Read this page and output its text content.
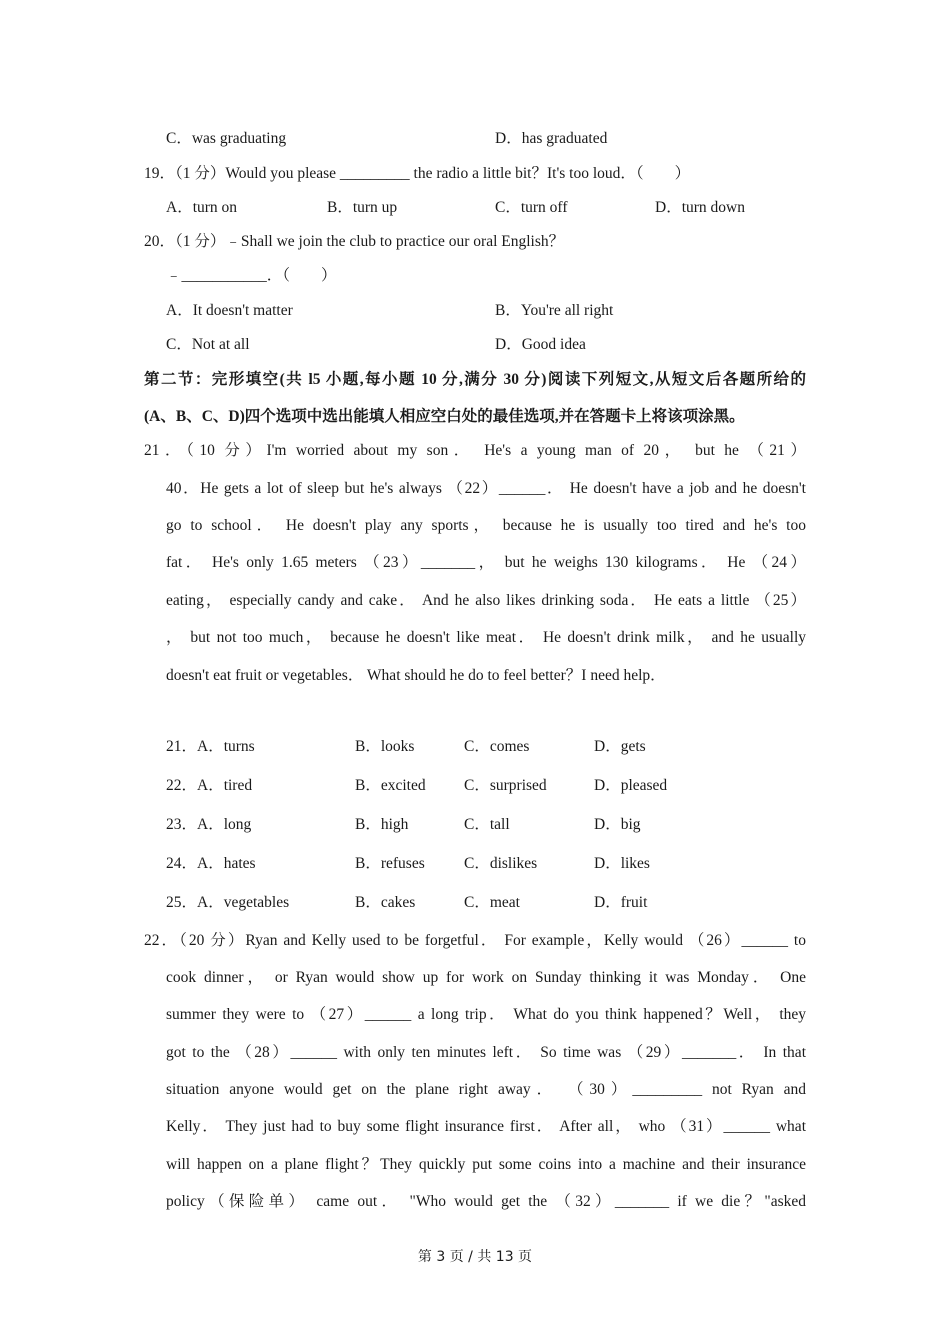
C．was graduating	D．has graduated
19．（1 分）Would you please _________ the radio a little bit？It's too loud．（　　）
A．turn on	B．turn up	C．turn off	D．turn down
20．（1 分）﹣Shall we join the club to practice our oral English？
﹣___________．（　　）
A．It doesn't matter	B．You're all right
C．Not at all	D．Good idea
第二节：完形填空(共 l5 小题,每小题 10 分,满分 30 分)阅读下列短文,从短文后各题所给的
(A、B、C、D)四个选项中选出能填人相应空白处的最佳选项,并在答题卡上将该项涂黑。
21．（10 分）I'm worried about my son． He's a young man of 20， but he （21）
40．He gets a lot of sleep but he's always （22）______． He doesn't have a job and he doesn't
go to school． He doesn't play any sports， because he is usually too tired and he's too
fat． He's only 1.65 meters （23）_______， but he weighs 130 kilograms． He （24）
eating， especially candy and cake． And he also likes drinking soda． He eats a little （25）
， but not too much， because he doesn't like meat． He doesn't drink milk， and he usually
doesn't eat fruit or vegetables． What should he do to feel better？I need help．
21．A．turns	B．looks	C．comes	D．gets
22．A．tired	B．excited C．surprised	D．pleased
23．A．long	B．high	C．tall	D．big
24．A．hates	B．refuses	C．dislikes	D．likes
25．A．vegetables	B．cakes	C．meat	D．fruit
22．（20 分）Ryan and Kelly used to be forgetful． For example，Kelly would （26）______ to
cook dinner， or Ryan would show up for work on Sunday thinking it was Monday． One
summer they were to （27）______ a long trip． What do you think happened？Well， they
got to the （28）______ with only ten minutes left． So time was （29）_______． In that
situation anyone would get on the plane right away． （30）_________ not Ryan and
Kelly． They just had to buy some flight insurance first． After all， who （31）______ what
will happen on a plane flight？They quickly put some coins into a machine and their insurance
policy（保险单） came out． "Who would get the （32）_______ if we die？"asked
第 3 页 / 共 13 页
